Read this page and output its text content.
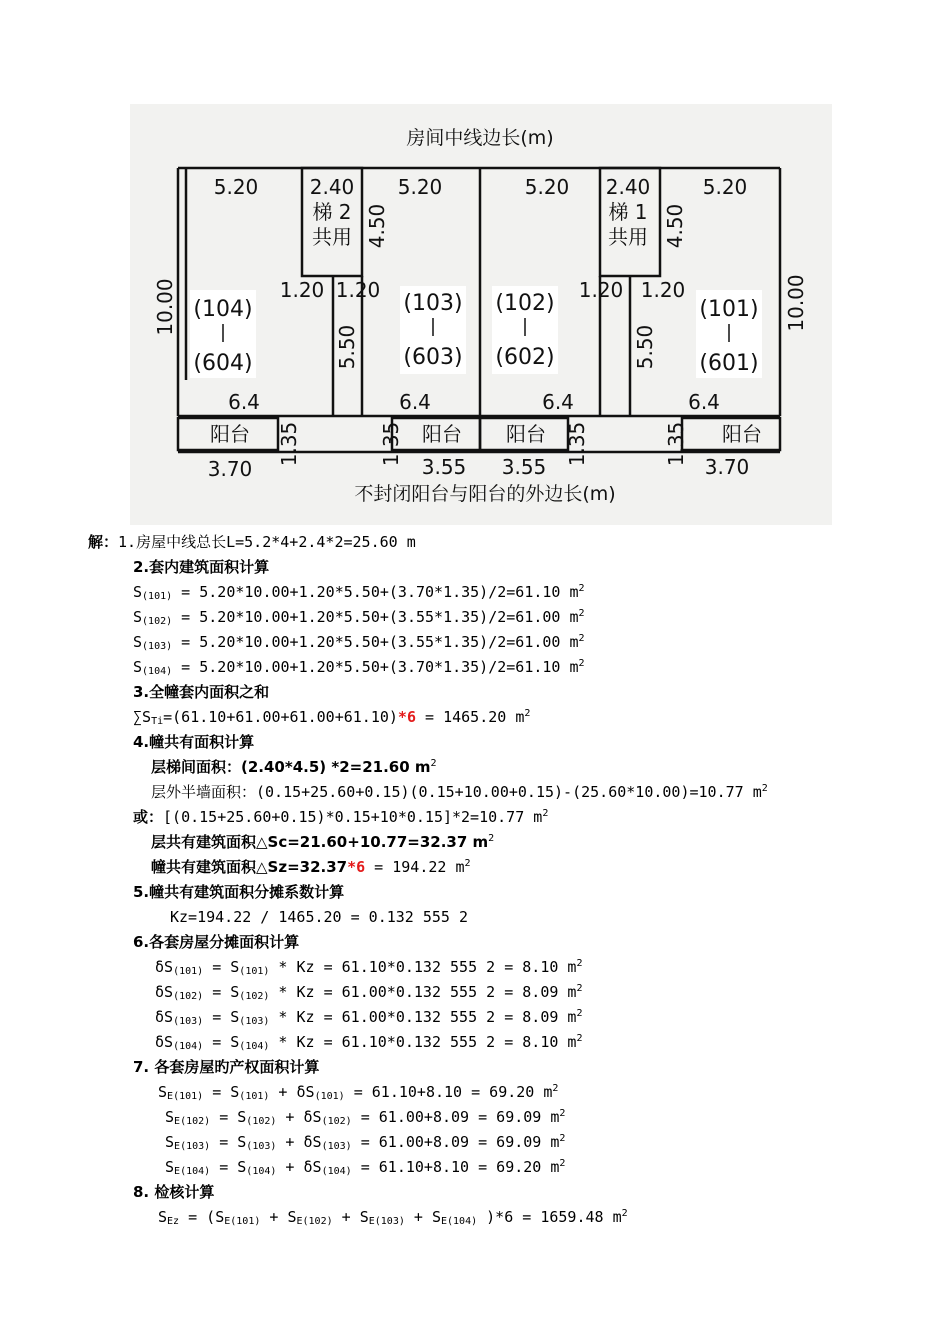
房间中线边长(m)
不封闭阳台与阳台的外边长(m)
5.20	2.40 5.20	5.20 2.40	5.20
梯 2
共用
梯 1
共用
4.50	4.50
10.00	10.00
1.20 1.20	1.20 1.20
5.50	5.50
(104)
(604)
(103)
(603)
(102)
(602)
(101)
(601)
6.4	6.4	6.4	6.4
阳台	阳台 阳台	阳台
1.35	1.35	1.35	1.35
3.70	3.55 3.55	3.70
解：1.房屋中线总长L=5.2*4+2.4*2=25.60 m
2.套内建筑面积计算
$S_{(101)} = 5.20*10.00+1.20*5.50+(3.70*1.35)/2=61.10$ $m^2$
$S_{(102)} = 5.20*10.00+1.20*5.50+(3.55*1.35)/2=61.00$ $m^2$
$S_{(103)} = 5.20*10.00+1.20*5.50+(3.55*1.35)/2=61.00$ $m^2$
$S_{(104)} = 5.20*10.00+1.20*5.50+(3.70*1.35)/2=61.10$ $m^2$
3.全幢套内面积之和
$\sum S_{Ti}=(61.10+61.00+61.00+61.10)*6 = 1465.20$ $m^2$
4.幢共有面积计算
层梯间面积：(2.40*4.5) *2=21.60 $m^2$
层外半墙面积：(0.15+25.60+0.15)(0.15+10.00+0.15)-(25.60*10.00)=10.77 $m^2$
或：[(0.15+25.60+0.15)*0.15+10*0.15]*2=10.77 $m^2$
层共有建筑面积△Sc=21.60+10.77=32.37 $m^2$
幢共有建筑面积△Sz=32.37*6 = 194.22 $m^2$
5.幢共有建筑面积分摊系数计算
Kz=194.22 / 1465.20 = 0.132 555 2
6.各套房屋分摊面积计算
$\delta S_{(101)} = S_{(101)} * Kz = 61.10*0.132$ 555 2 = 8.10 $m^2$
$\delta S_{(102)} = S_{(102)} * Kz = 61.00*0.132$ 555 2 = 8.09 $m^2$
$\delta S_{(103)} = S_{(103)} * Kz = 61.00*0.132$ 555 2 = 8.09 $m^2$
$\delta S_{(104)} = S_{(104)} * Kz = 61.10*0.132$ 555 2 = 8.10 $m^2$
7. 各套房屋旳产权面积计算
$S_{E(101)} = S_{(101)} + \delta S_{(101)} = 61.10+8.10 = 69.20$ $m^2$
$S_{E(102)} = S_{(102)} + \delta S_{(102)} = 61.00+8.09 = 69.09$ $m^2$
$S_{E(103)} = S_{(103)} + \delta S_{(103)} = 61.00+8.09 = 69.09$ $m^2$
$S_{E(104)} = S_{(104)} + \delta S_{(104)} = 61.10+8.10 = 69.20$ $m^2$
8. 检核计算
$S_{Ez} = (S_{E(101)} + S_{E(102)} + S_{E(103)} + S_{E(104)}$ )*6 = 1659.48 $m^2$
